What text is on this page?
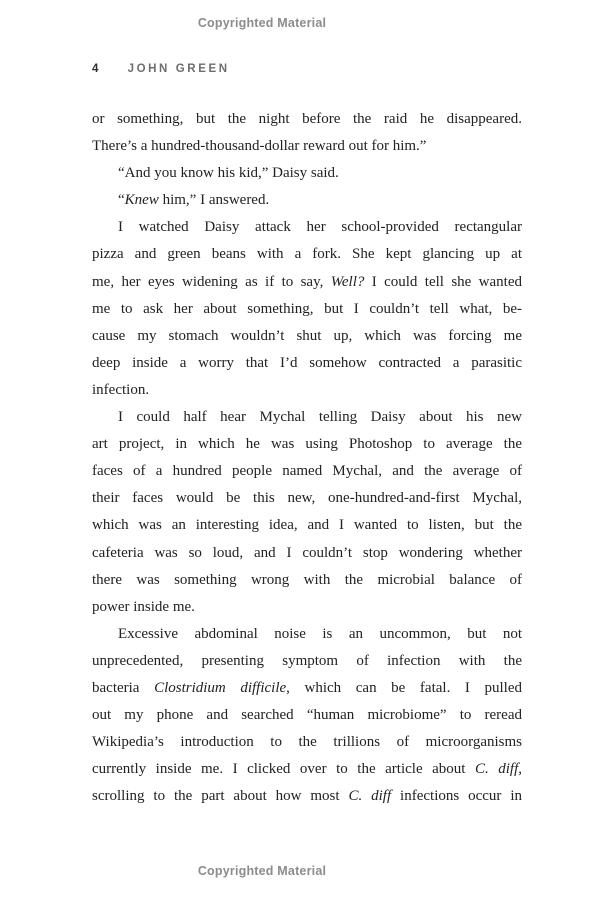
Copyrighted Material
4	JOHN GREEN
or something, but the night before the raid he disappeared.
There’s a hundred-thousand-dollar reward out for him.”
“And you know his kid,” Daisy said.
“Knew him,” I answered.
I watched Daisy attack her school-provided rectangular
pizza and green beans with a fork. She kept glancing up at
me, her eyes widening as if to say, Well? I could tell she wanted
me to ask her about something, but I couldn’t tell what, be-
cause my stomach wouldn’t shut up, which was forcing me
deep inside a worry that I’d somehow contracted a parasitic
infection.
I could half hear Mychal telling Daisy about his new
art project, in which he was using Photoshop to average the
faces of a hundred people named Mychal, and the average of
their faces would be this new, one-hundred-and-first Mychal,
which was an interesting idea, and I wanted to listen, but the
cafeteria was so loud, and I couldn’t stop wondering whether
there was something wrong with the microbial balance of
power inside me.
Excessive abdominal noise is an uncommon, but not
unprecedented, presenting symptom of infection with the
bacteria Clostridium difficile, which can be fatal. I pulled
out my phone and searched “human microbiome” to reread
Wikipedia’s introduction to the trillions of microorganisms
currently inside me. I clicked over to the article about C. diff,
scrolling to the part about how most C. diff infections occur in
Copyrighted Material
